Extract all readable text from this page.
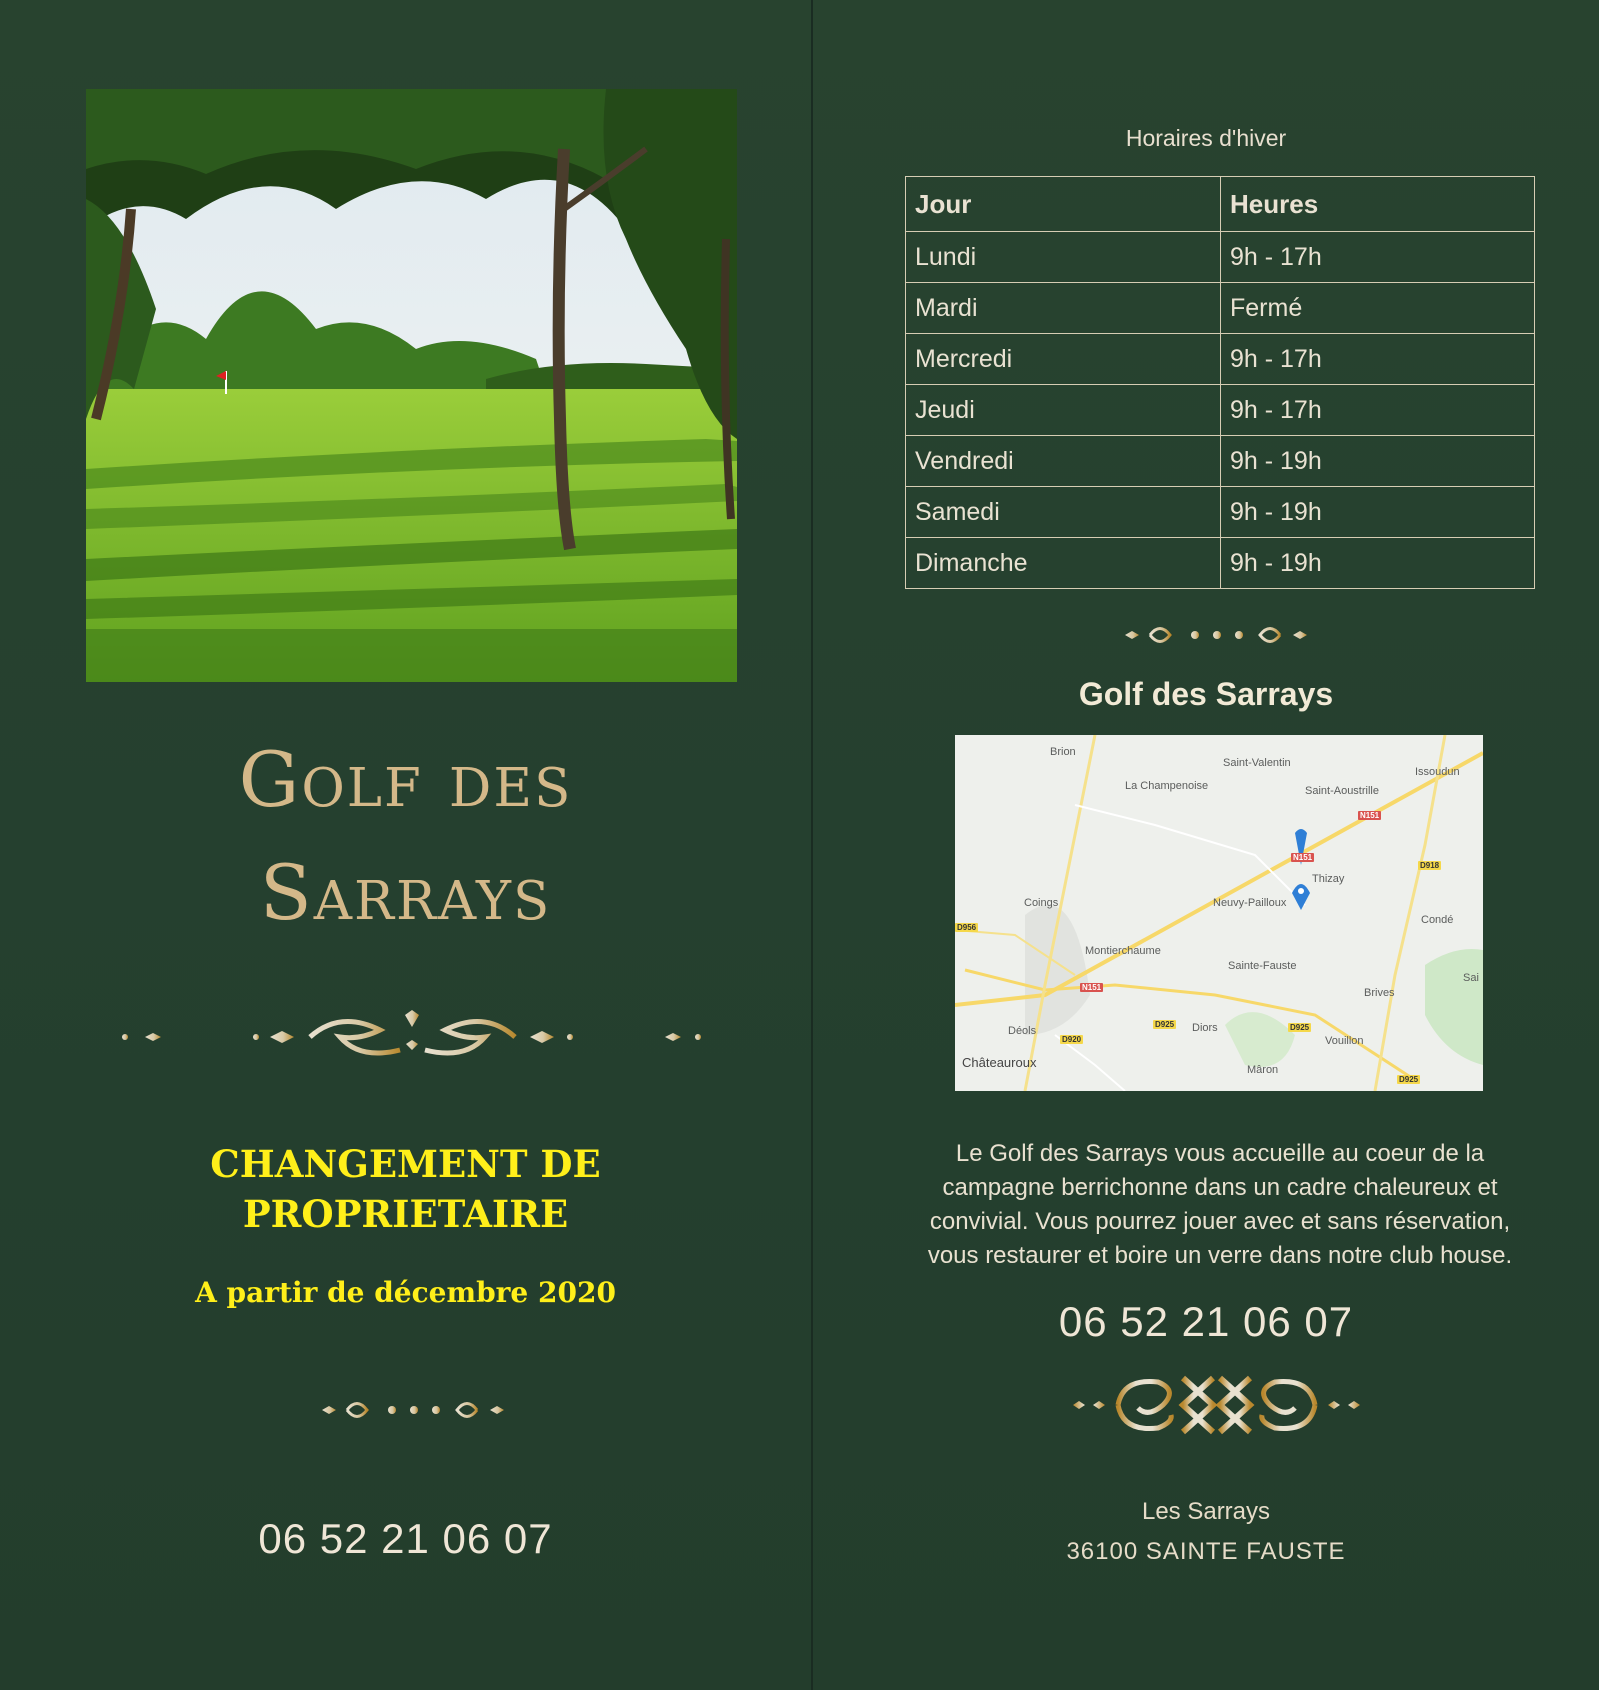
Golf des
Sarrays
CHANGEMENT DE
PROPRIETAIRE
A partir de décembre 2020
06 52 21 06 07
Horaires d'hiver
Jour	Heures
Lundi	9h - 17h
Mardi	Fermé
Mercredi	9h - 17h
Jeudi	9h - 17h
Vendredi	9h - 19h
Samedi	9h - 19h
Dimanche	9h - 19h
Golf des Sarrays
Brion
Saint-Valentin
Issoudun
La Champenoise	Saint-Aoustrille
Thizay
Coings	Neuvy-Pailloux
Condé
Montierchaume
Sainte-Fauste
Brives
Déols	Diors
Vouillon
Châteauroux	Mâron
Sai
N151
N151
N151
D918
D956
D920
D925	D925
D925
Le Golf des Sarrays vous accueille au coeur de la campagne berrichonne dans un cadre chaleureux et convivial. Vous pourrez jouer avec et sans réservation, vous restaurer et boire un verre dans notre club house.
06 52 21 06 07
Les Sarrays
36100 SAINTE FAUSTE
